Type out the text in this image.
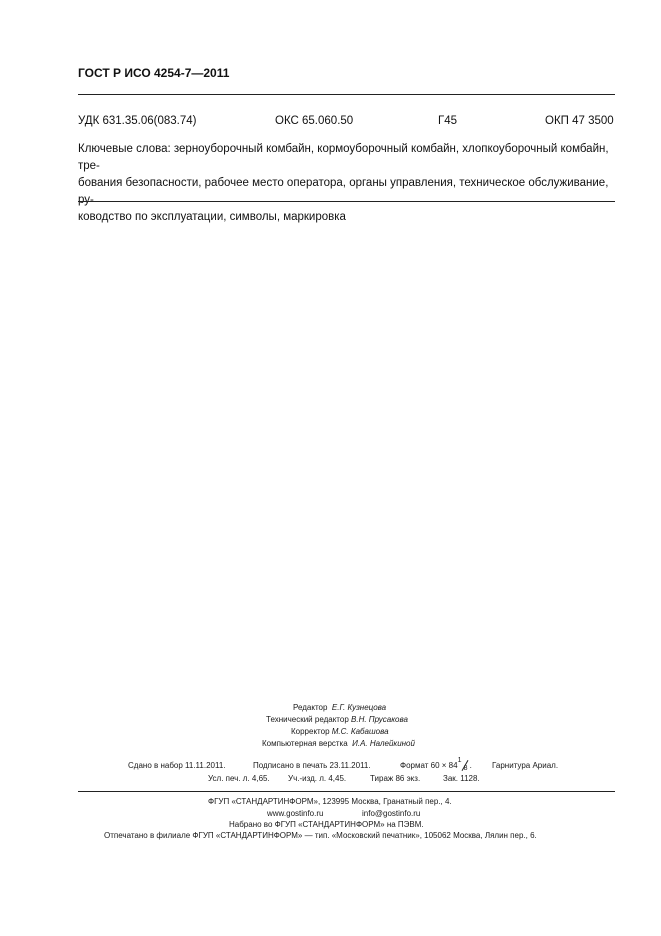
ГОСТ Р ИСО 4254-7—2011
УДК 631.35.06(083.74)	ОКС 65.060.50	Г45	ОКП 47 3500
Ключевые слова: зерноуборочный комбайн, кормоуборочный комбайн, хлопкоуборочный комбайн, тре-
бования безопасности, рабочее место оператора, органы управления, техническое обслуживание, ру-
ководство по эксплуатации, символы, маркировка
Редактор Е.Г. Кузнецова
Технический редактор В.Н. Прусакова
Корректор М.С. Кабашова
Компьютерная верстка И.А. Налейкиной
Сдано в набор 11.11.2011.	Подписано в печать 23.11.2011.	Формат 60 × 84
1
8 .	Гарнитура Ариал.
Усл. печ. л. 4,65. Уч.-изд. л. 4,45.	Тираж 86 экз.	Зак. 1128.
ФГУП «СТАНДАРТИНФОРМ», 123995 Москва, Гранатный пер., 4.
www.gostinfo.ru	info@gostinfo.ru
Набрано во ФГУП «СТАНДАРТИНФОРМ» на ПЭВМ.
Отпечатано в филиале ФГУП «СТАНДАРТИНФОРМ» — тип. «Московский печатник», 105062 Москва, Лялин пер., 6.
